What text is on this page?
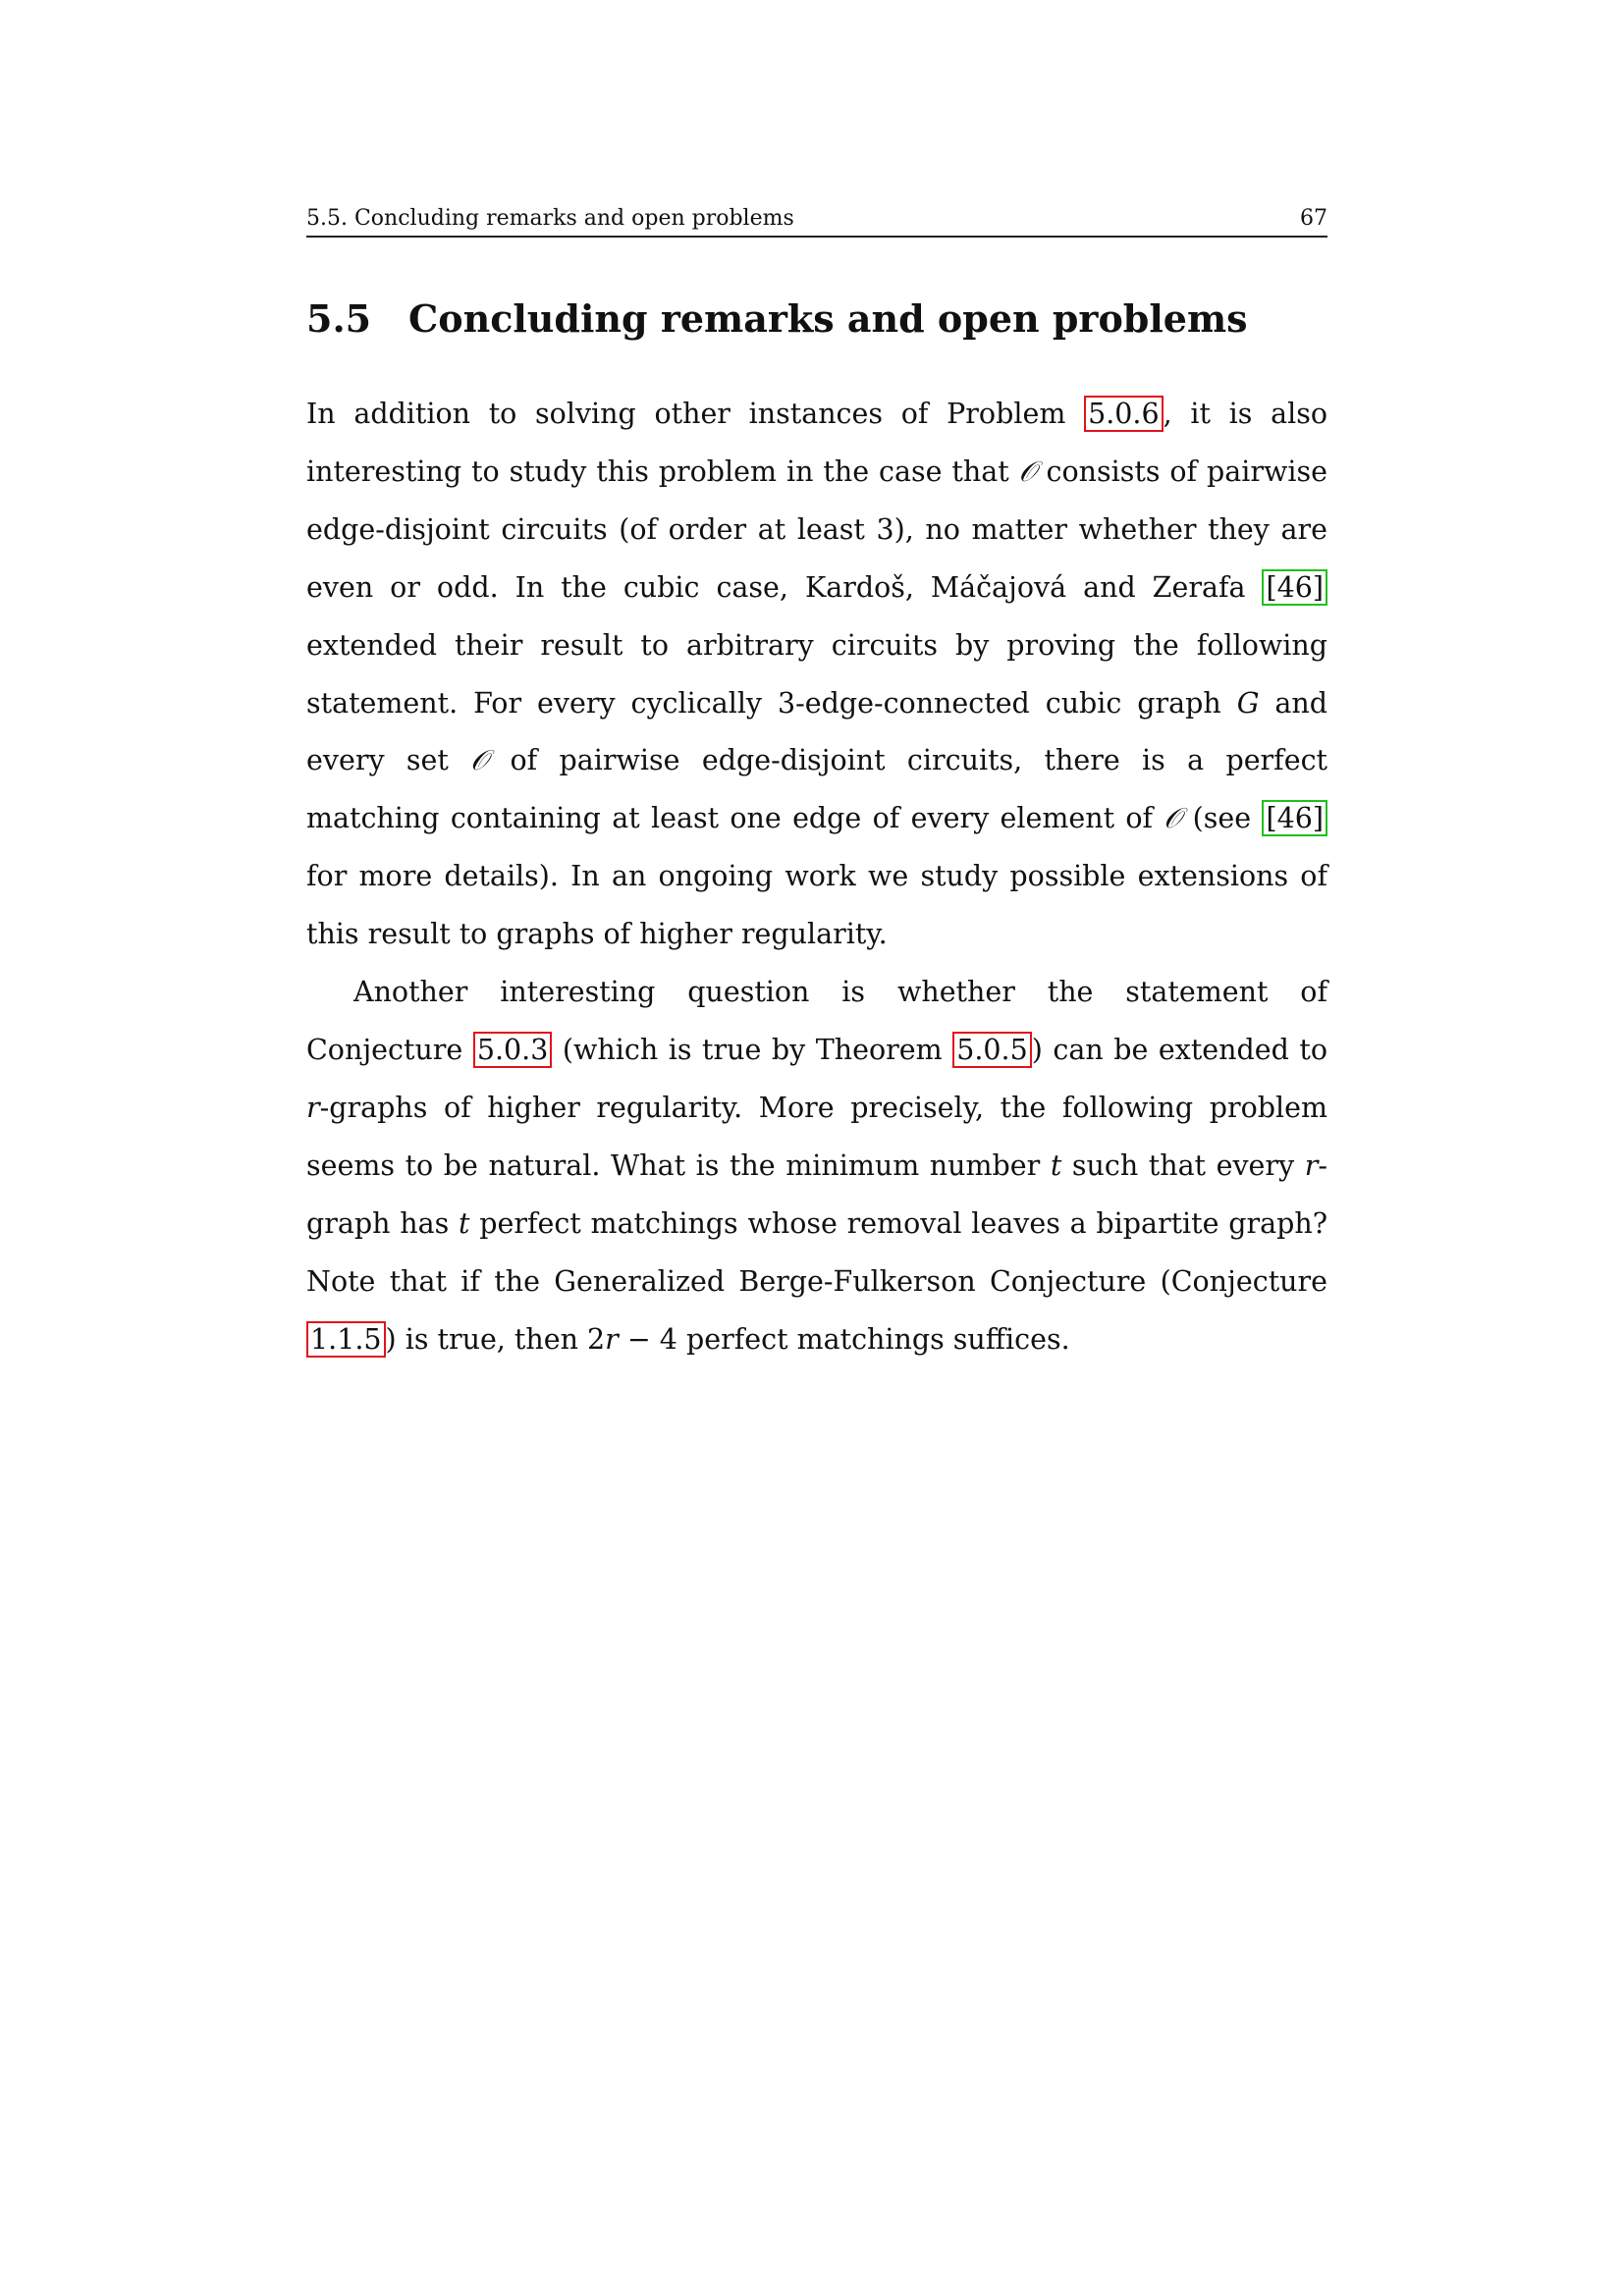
5.5. Concluding remarks and open problems	67
5.5 Concluding remarks and open problems

In addition to solving other instances of Problem 5.0.6 , it is also interesting to study this problem in the case that 𝒪 consists of pairwise edge-disjoint circuits (of order at least 3), no matter whether they are even or odd. In the cubic case, Kardoš, Máčajová and Zerafa [46] extended their result to arbitrary circuits by proving the following statement. For every cyclically 3-edge-connected cubic graph G and every set 𝒪 of pairwise edge-disjoint circuits, there is a perfect matching containing at least one edge of every element of 𝒪 (see [46] for more details). In an ongoing work we study possible extensions of this result to graphs of higher regularity.

Another interesting question is whether the statement of Conjecture 5.0.3 (which is true by Theorem 5.0.5 ) can be extended to r-graphs of higher regularity. More precisely, the following problem seems to be natural. What is the minimum number t such that every r-graph has t perfect matchings whose removal leaves a bipartite graph? Note that if the Generalized Berge-Fulkerson Conjecture (Conjecture 1.1.5 ) is true, then 2r − 4 perfect matchings suffices.
